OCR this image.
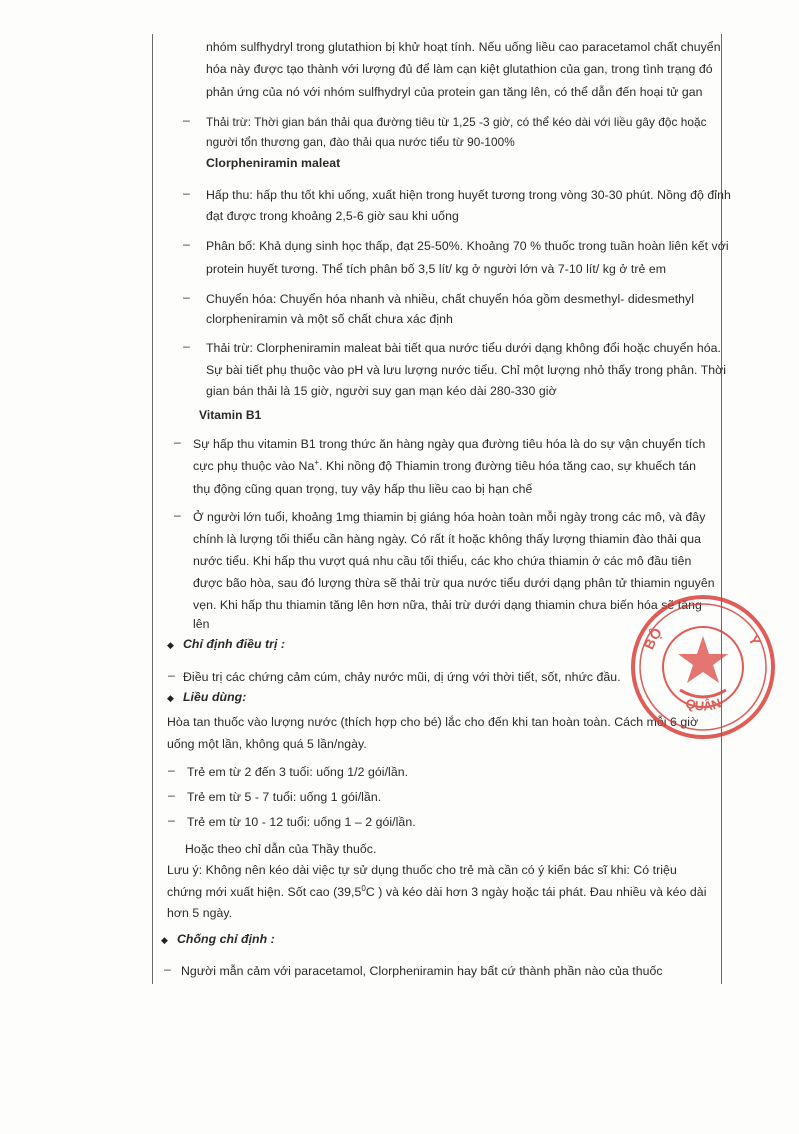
nhóm sulfhydryl trong glutathion bị khử hoạt tính. Nếu uống liều cao paracetamol chất chuyển
hóa này được tạo thành với lượng đủ để làm cạn kiệt glutathion của gan, trong tình trạng đó
phản ứng của nó với nhóm sulfhydryl của protein gan tăng lên, có thể dẫn đến hoại tử gan
– Thải trừ: Thời gian bán thải qua đường tiêu từ 1,25 -3 giờ, có thể kéo dài với liều gây độc hoặc
người tổn thương gan, đào thải qua nước tiểu từ 90-100%
Clorpheniramin maleat
– Hấp thu: hấp thu tốt khi uống, xuất hiện trong huyết tương trong vòng 30-30 phút. Nồng độ đỉnh
đạt được trong khoảng 2,5-6 giờ sau khi uống
– Phân bố: Khả dụng sinh học thấp, đạt 25-50%. Khoảng 70 % thuốc trong tuần hoàn liên kết với
protein huyết tương. Thể tích phân bố 3,5 lít/ kg ở người lớn và 7-10 lít/ kg ở trẻ em
– Chuyển hóa: Chuyển hóa nhanh và nhiều, chất chuyển hóa gồm desmethyl- didesmethyl
clorpheniramin và một số chất chưa xác định
– Thải trừ: Clorpheniramin maleat bài tiết qua nước tiểu dưới dạng không đổi hoặc chuyển hóa.
Sự bài tiết phụ thuộc vào pH và lưu lượng nước tiểu. Chỉ một lượng nhỏ thấy trong phân. Thời
gian bán thải là 15 giờ, người suy gan mạn kéo dài 280-330 giờ
Vitamin B1
– Sự hấp thu vitamin B1 trong thức ăn hàng ngày qua đường tiêu hóa là do sự vận chuyển tích
cực phụ thuộc vào Na+. Khi nồng độ Thiamin trong đường tiêu hóa tăng cao, sự khuếch tán
thụ động cũng quan trọng, tuy vậy hấp thu liều cao bị hạn chế
– Ở người lớn tuổi, khoảng 1mg thiamin bị giáng hóa hoàn toàn mỗi ngày trong các mô, và đây
chính là lượng tối thiểu cần hàng ngày. Có rất ít hoặc không thấy lượng thiamin đào thải qua
nước tiểu. Khi hấp thu vượt quá nhu cầu tối thiểu, các kho chứa thiamin ở các mô đầu tiên
được bão hòa, sau đó lượng thừa sẽ thải trừ qua nước tiểu dưới dạng phân tử thiamin nguyên
vẹn. Khi hấp thu thiamin tăng lên hơn nữa, thải trừ dưới dạng thiamin chưa biến hóa sẽ tăng
lên
◆ Chỉ định điều trị :
– Điều trị các chứng cảm cúm, chảy nước mũi, dị ứng với thời tiết, sốt, nhức đầu.
◆ Liều dùng:
Hòa tan thuốc vào lượng nước (thích hợp cho bé) lắc cho đến khi tan hoàn toàn. Cách mỗi 6 giờ
uống một lần, không quá 5 lần/ngày.
– Trẻ em từ 2 đến 3 tuổi: uống 1/2 gói/lần.
– Trẻ em từ 5 - 7 tuổi: uống 1 gói/lần.
– Trẻ em từ 10 - 12 tuổi: uống 1 – 2 gói/lần.
Hoặc theo chỉ dẫn của Thầy thuốc.
Lưu ý: Không nên kéo dài việc tự sử dụng thuốc cho trẻ mà cần có ý kiến bác sĩ khi: Có triệu
chứng mới xuất hiện. Sốt cao (39,5$^0$C ) và kéo dài hơn 3 ngày hoặc tái phát. Đau nhiều và kéo dài
hơn 5 ngày.
◆ Chống chỉ định :
– Người mẫn cảm với paracetamol, Clorpheniramin hay bất cứ thành phần nào của thuốc
BỘ	Y
QUÂN
